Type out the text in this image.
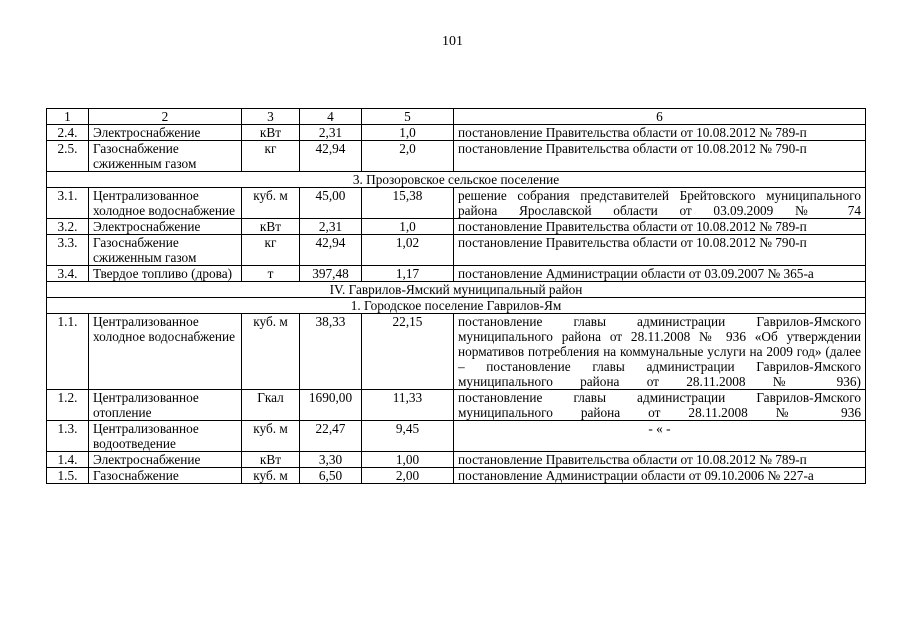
101
1	2	3	4	5	6
2.4.	Электроснабжение	кВт	2,31	1,0	постановление Правительства области от 10.08.2012 № 789-п
2.5.	Газоснабжение сжиженным газом	кг	42,94	2,0	постановление Правительства области от 10.08.2012 № 790-п
3. Прозоровское сельское поселение					
3.1.	Централизованное холодное водоснабжение	куб. м	45,00	15,38	решение собрания представителей Брейтовского муниципального района Ярославской области от 03.09.2009 № 74
3.2.	Электроснабжение	кВт	2,31	1,0	постановление Правительства области от 10.08.2012 № 789-п
3.3.	Газоснабжение сжиженным газом	кг	42,94	1,02	постановление Правительства области от 10.08.2012 № 790-п
3.4.	Твердое топливо (дрова)	т	397,48	1,17	постановление Администрации области от 03.09.2007 № 365-а
IV. Гаврилов-Ямский муниципальный район					
1. Городское поселение Гаврилов-Ям					
1.1.	Централизованное холодное водоснабжение	куб. м	38,33	22,15	постановление главы администрации Гаврилов-Ямского муниципального района от 28.11.2008 № 936 «Об утверждении нормативов потребления на коммунальные услуги на 2009 год» (далее – постановление главы администрации Гаврилов-Ямского муниципального района от 28.11.2008 № 936)
1.2.	Централизованное отопление	Гкал	1690,00	11,33	постановление главы администрации Гаврилов-Ямского муниципального района от 28.11.2008 № 936
1.3.	Централизованное водоотведение	куб. м	22,47	9,45	- « -
1.4.	Электроснабжение	кВт	3,30	1,00	постановление Правительства области от 10.08.2012 № 789-п
1.5.	Газоснабжение	куб. м	6,50	2,00	постановление Администрации области от 09.10.2006 № 227-а
